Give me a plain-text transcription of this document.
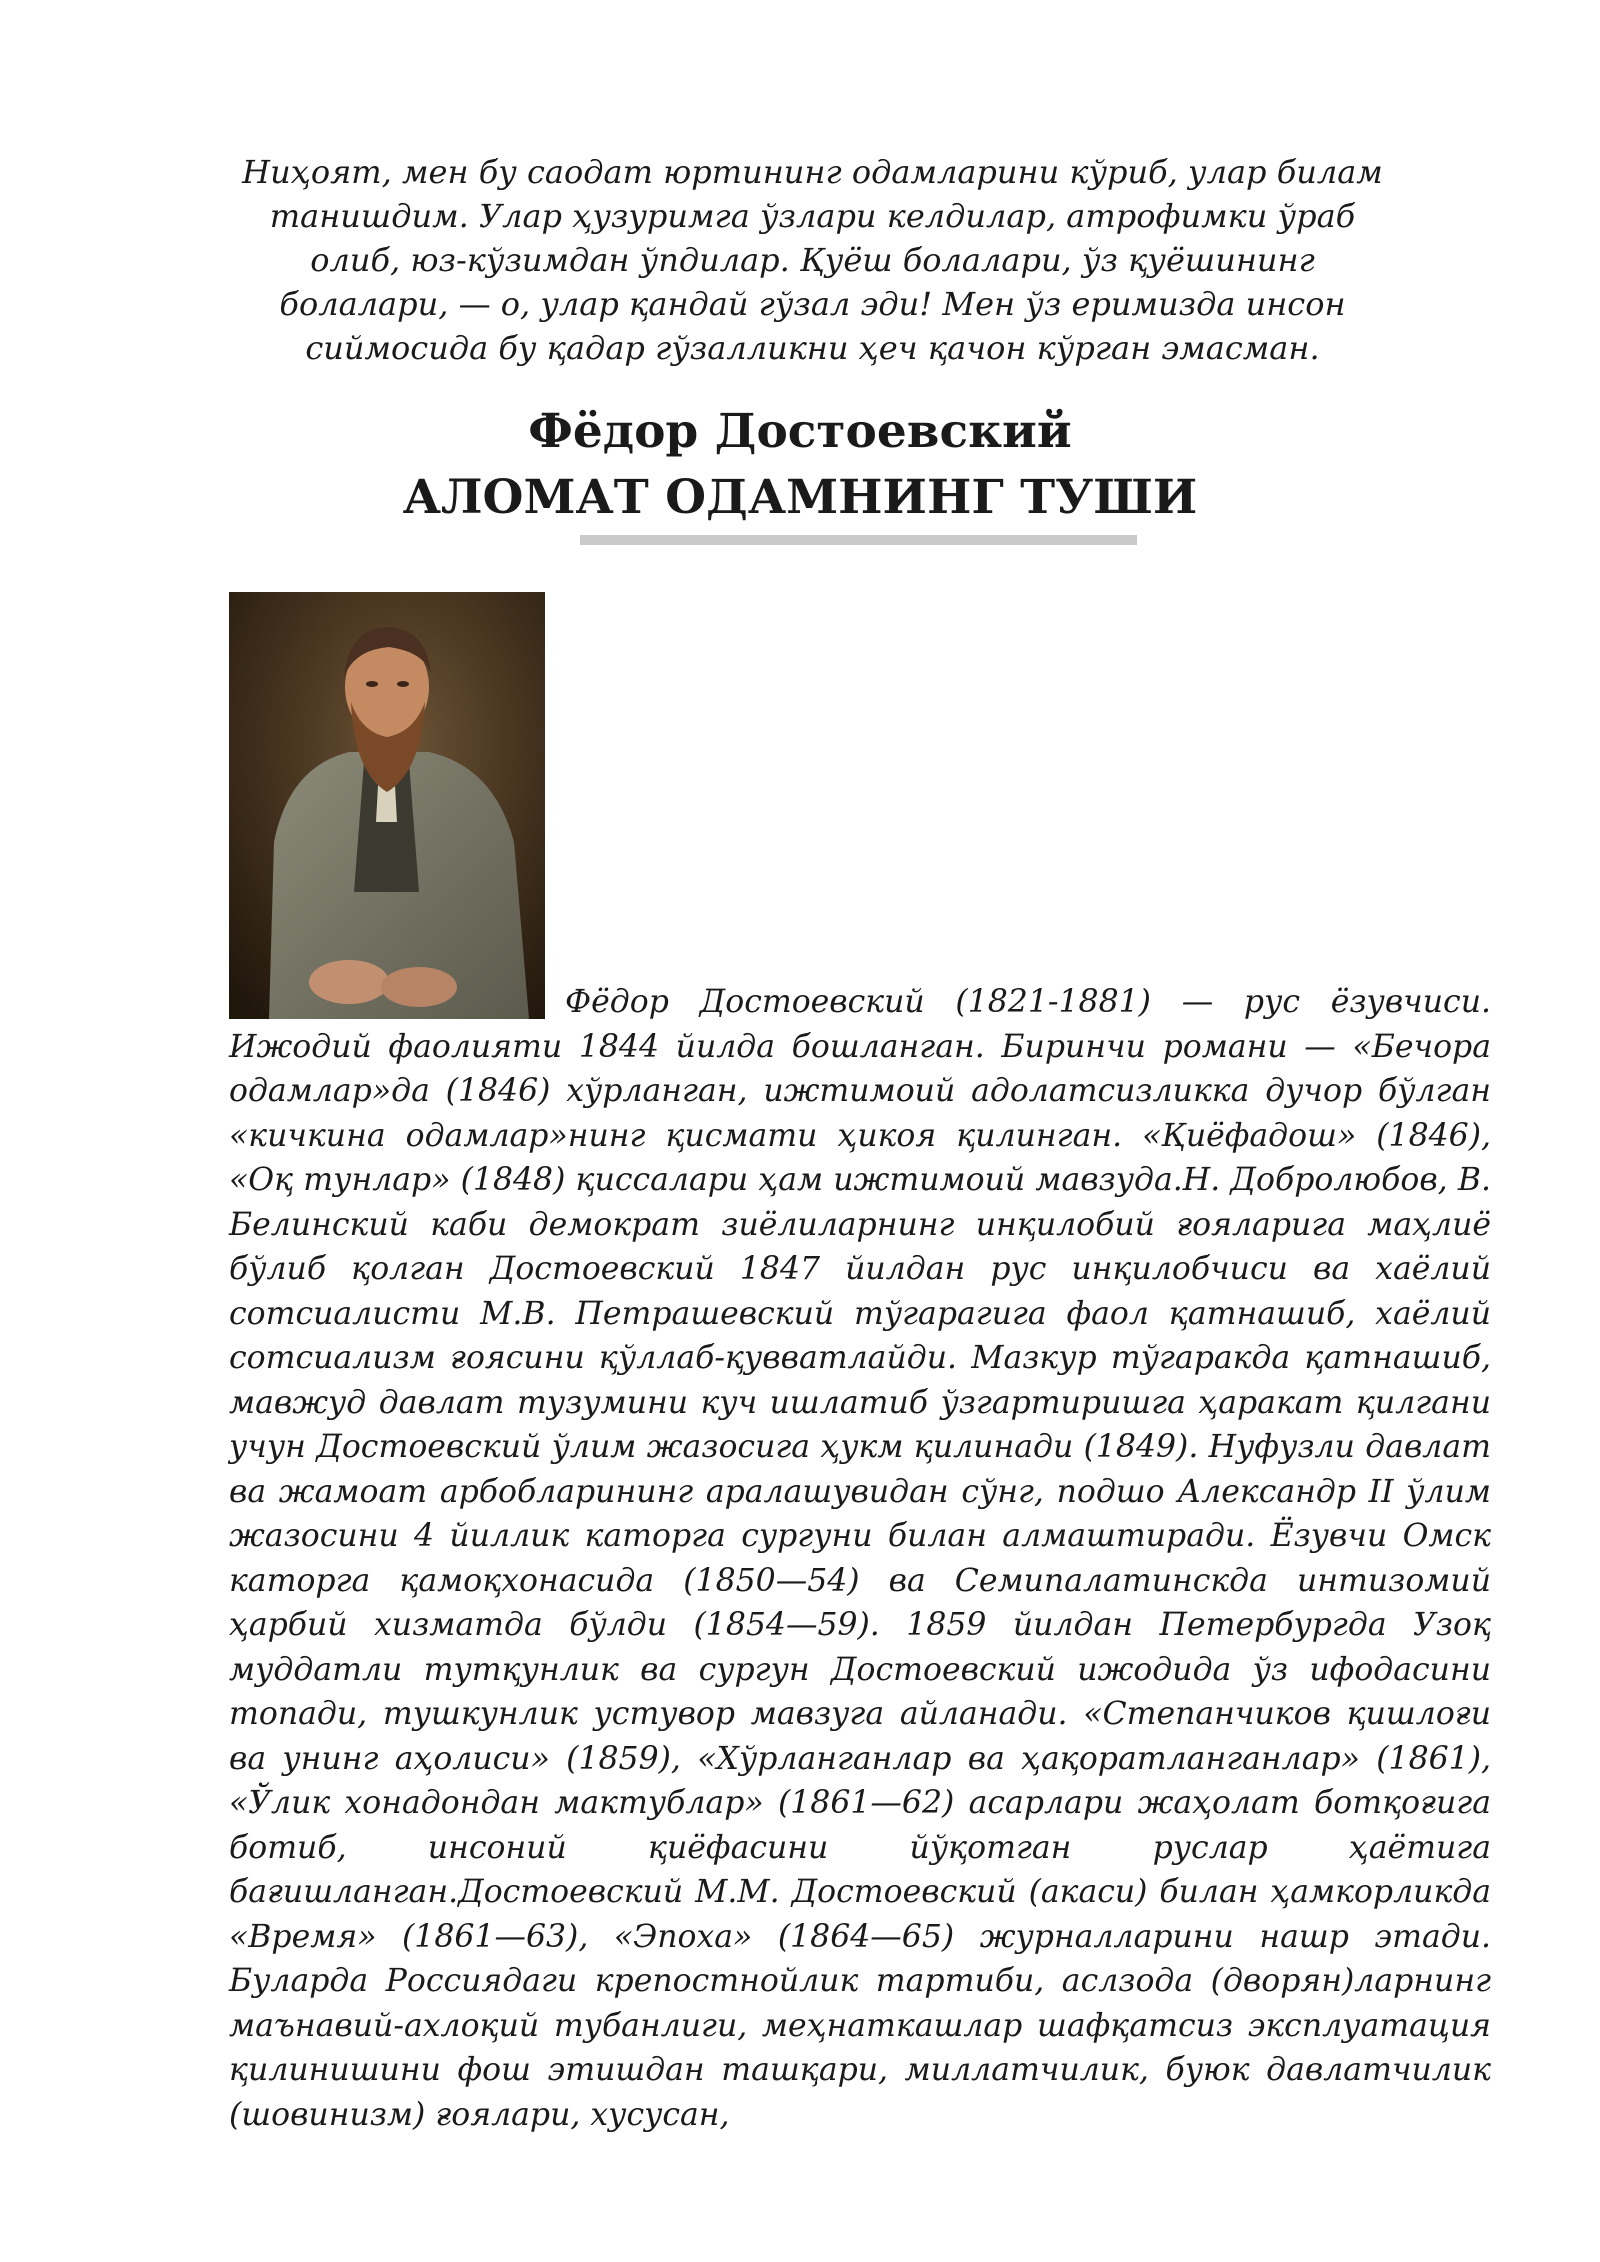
Ниҳоят, мен бу саодат юртининг одамларини кўриб, улар билам танишдим. Улар ҳузуримга ўзлари келдилар, атрофимки ўраб олиб, юз-кўзимдан ўпдилар. Қуёш болалари, ўз қуёшининг болалари, — о, улар қандай гўзал эди! Мен ўз еримизда инсон сиймосида бу қадар гўзалликни ҳеч қачон кўрган эмасман.

Фёдор Достоевский
АЛОМАТ ОДАМНИНГ ТУШИ

Фёдор Достоевский (1821-1881) — рус ёзувчиси. Ижодий фаолияти 1844 йилда бошланган. Биринчи романи — «Бечора одамлар»да (1846) хўрланган, ижтимоий адолатсизликка дучор бўлган «кичкина одамлар»нинг қисмати ҳикоя қилинган. «Қиёфадош» (1846), «Оқ тунлар» (1848) қиссалари ҳам ижтимоий мавзуда.Н. Добролюбов, В. Белинский каби демократ зиёлиларнинг инқилобий ғояларига маҳлиё бўлиб қолган Достоевский 1847 йилдан рус инқилобчиси ва хаёлий сотсиалисти М.В. Петрашевский тўгарагига фаол қатнашиб, хаёлий сотсиализм ғоясини қўллаб-қувватлайди. Мазкур тўгаракда қатнашиб, мавжуд давлат тузумини куч ишлатиб ўзгартиришга ҳаракат қилгани учун Достоевский ўлим жазосига ҳукм қилинади (1849). Нуфузли давлат ва жамоат арбобларининг аралашувидан сўнг, подшо Александр II ўлим жазосини 4 йиллик каторга сургуни билан алмаштиради. Ёзувчи Омск каторга қамоқхонасида (1850—54) ва Семипалатинскда интизомий ҳарбий хизматда бўлди (1854—59). 1859 йилдан Петербургда Узоқ муддатли тутқунлик ва сургун Достоевский ижодида ўз ифодасини топади, тушкунлик устувор мавзуга айланади. «Степанчиков қишлоғи ва унинг аҳолиси» (1859), «Хўрланганлар ва ҳақоратланганлар» (1861), «Ўлик хонадондан мактублар» (1861—62) асарлари жаҳолат ботқоғига ботиб, инсоний қиёфасини йўқотган руслар ҳаётига бағишланган.Достоевский М.М. Достоевский (акаси) билан ҳамкорликда «Время» (1861—63), «Эпоха» (1864—65) журналларини нашр этади. Буларда Россиядаги крепостнойлик тартиби, аслзода (дворян)ларнинг маънавий-ахлоқий тубанлиги, меҳнаткашлар шафқатсиз эксплуатация қилинишини фош этишдан ташқари, миллатчилик, буюк давлатчилик (шовинизм) ғоялари, хусусан,
